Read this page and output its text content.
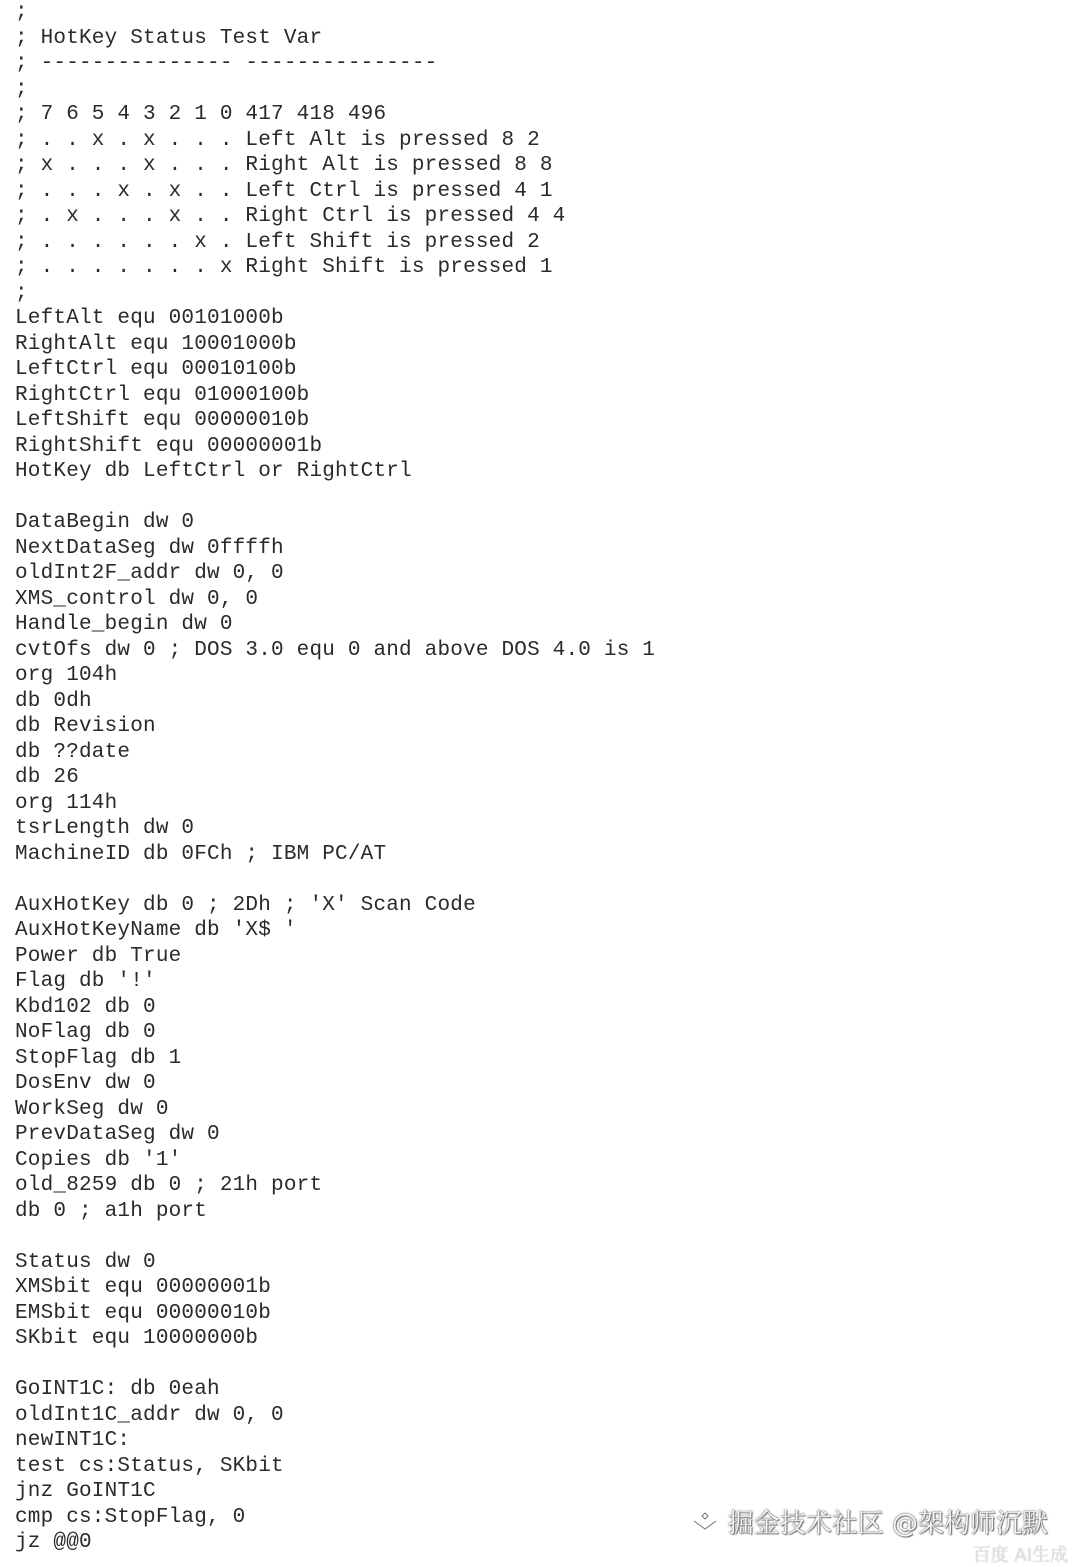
;
; HotKey Status Test Var
; --------------- ---------------
;
; 7 6 5 4 3 2 1 0 417 418 496
; . . x . x . . . Left Alt is pressed 8 2
; x . . . x . . . Right Alt is pressed 8 8
; . . . x . x . . Left Ctrl is pressed 4 1
; . x . . . x . . Right Ctrl is pressed 4 4
; . . . . . . x . Left Shift is pressed 2
; . . . . . . . x Right Shift is pressed 1
;
LeftAlt equ 00101000b
RightAlt equ 10001000b
LeftCtrl equ 00010100b
RightCtrl equ 01000100b
LeftShift equ 00000010b
RightShift equ 00000001b
HotKey db LeftCtrl or RightCtrl
DataBegin dw 0
NextDataSeg dw 0ffffh
oldInt2F_addr dw 0, 0
XMS_control dw 0, 0
Handle_begin dw 0
cvtOfs dw 0 ; DOS 3.0 equ 0 and above DOS 4.0 is 1
org 104h
db 0dh
db Revision
db ??date
db 26
org 114h
tsrLength dw 0
MachineID db 0FCh ; IBM PC/AT
AuxHotKey db 0 ; 2Dh ; 'X' Scan Code
AuxHotKeyName db 'X$ '
Power db True
Flag db '!'
Kbd102 db 0
NoFlag db 0
StopFlag db 1
DosEnv dw 0
WorkSeg dw 0
PrevDataSeg dw 0
Copies db '1'
old_8259 db 0 ; 21h port
db 0 ; a1h port
Status dw 0
XMSbit equ 00000001b
EMSbit equ 00000010b
SKbit equ 10000000b
GoINT1C: db 0eah
oldInt1C_addr dw 0, 0
newINT1C:
test cs:Status, SKbit
jnz GoINT1C
cmp cs:StopFlag, 0
jz @@0
掘金技术社区 @架构师沉默
百度 AI生成
